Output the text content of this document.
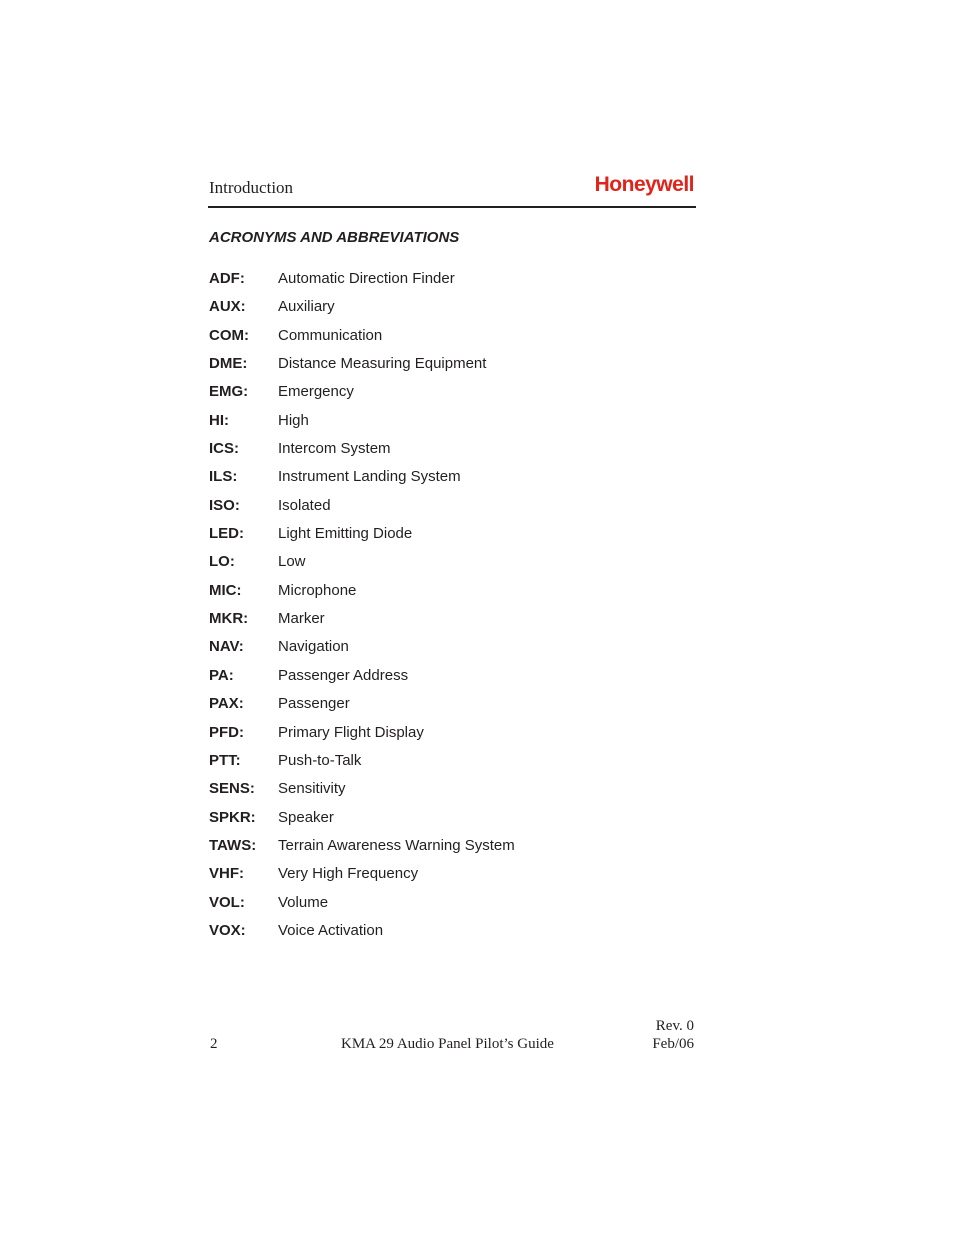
Introduction	Honeywell
ACRONYMS AND ABBREVIATIONS
ADF: Automatic Direction Finder
AUX: Auxiliary
COM: Communication
DME: Distance Measuring Equipment
EMG: Emergency
HI:	High
ICS:	Intercom System
ILS:	Instrument Landing System
ISO:	Isolated
LED: Light Emitting Diode
LO:	Low
MIC: Microphone
MKR: Marker
NAV: Navigation
PA:	Passenger Address
PAX: Passenger
PFD: Primary Flight Display
PTT: Push-to-Talk
SENS: Sensitivity
SPKR: Speaker
TAWS: Terrain Awareness Warning System
VHF: Very High Frequency
VOL: Volume
VOX: Voice Activation
2	KMA 29 Audio Panel Pilot’s Guide
Rev. 0
Feb/06
